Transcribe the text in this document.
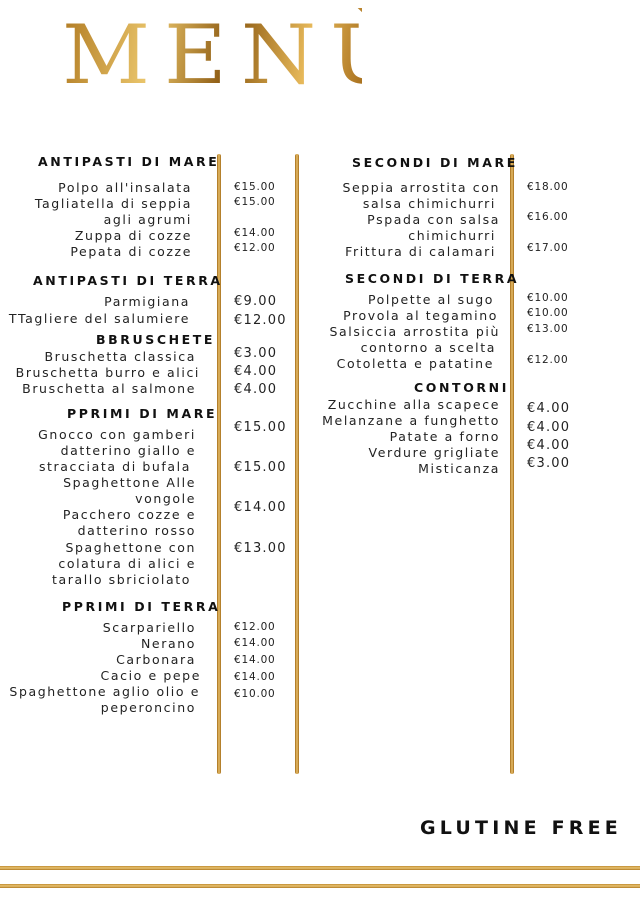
MENÙ
ANTIPASTI DI MARE
Polpo all'insalata
Tagliatella di seppia
agli agrumi
Zuppa di cozze
Pepata di cozze
€15.00
€15.00
€14.00
€12.00
ANTIPASTI DI TERRA
Parmigiana
TTagliere del salumiere
€9.00
€12.00
BBRUSCHETE
Bruschetta classica
Bruschetta burro e alici
Bruschetta al salmone
€3.00
€4.00
€4.00
PPRIMI DI MARE
Gnocco con gamberi
datterino giallo e
stracciata di bufala
Spaghettone Alle
vongole
Pacchero cozze e
datterino rosso
Spaghettone con
colatura di alici e
tarallo sbriciolato
€15.00
€15.00
€14.00
€13.00
PPRIMI DI TERRA
Scarpariello
Nerano
Carbonara
Cacio e pepe
Spaghettone aglio olio e
peperoncino
€12.00
€14.00
€14.00
€14.00
€10.00
SECONDI DI MARE
Seppia arrostita con
salsa chimichurri
Pspada con salsa
chimichurri
Frittura di calamari
€18.00
€16.00
€17.00
SECONDI DI TERRA
Polpette al sugo
Provola al tegamino
Salsiccia arrostita più
contorno a scelta
Cotoletta e patatine
€10.00
€10.00
€13.00
€12.00
CONTORNI
Zucchine alla scapece
Melanzane a funghetto
Patate a forno
Verdure grigliate
Misticanza
€4.00
€4.00
€4.00
€3.00
GLUTINE FREE
